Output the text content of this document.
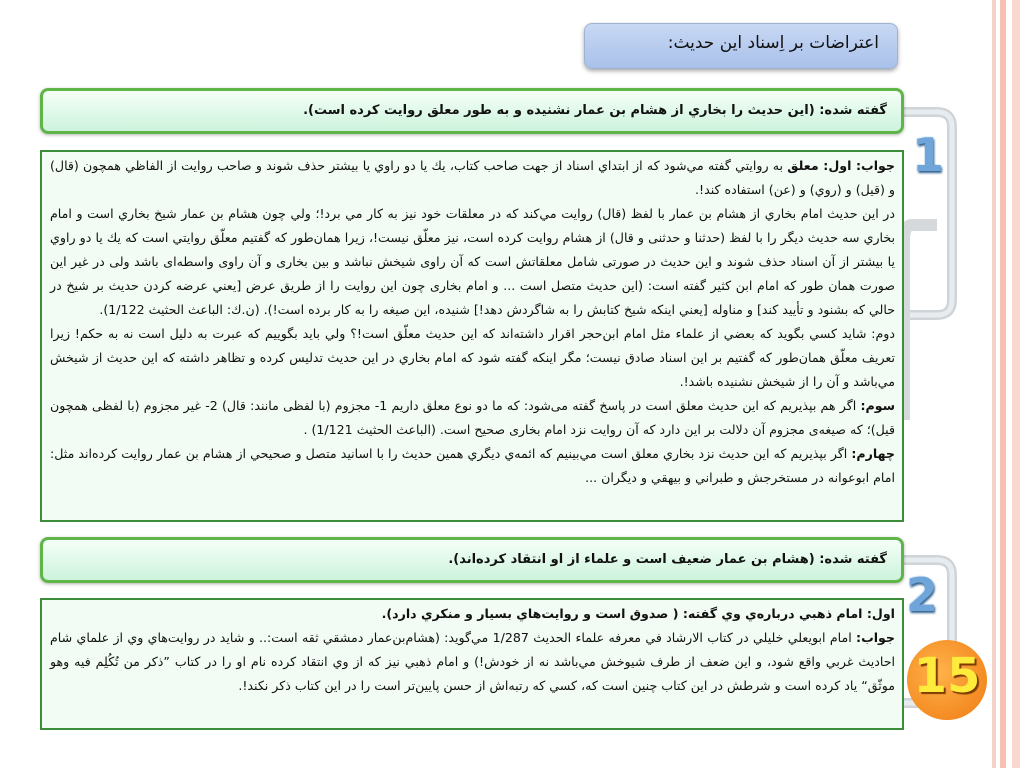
اعتراضات بر اِسناد اين حديث:
1
2
گفته شده: (اين حديث را بخاري از هشام بن عمار نشنيده و به طور معلق روايت كرده است).

جواب: اول: معلق به روايتي گفته مي‌شود كه از ابتداي اسناد از جهت صاحب كتاب، يك يا دو راوي يا بيشتر حذف شوند و صاحب روايت از الفاظي همچون (قال) و (قيل) و (روي) و (عن) استفاده كند!.

در اين حديث امام بخاري از هشام بن عمار با لفظ (قال) روايت مي‌كند كه در معلقات خود نيز به كار مي برد!؛ ولي چون هشام بن عمار شيخ بخاري است و امام بخاري سه حديث ديگر را با لفظ (حدثنا و حدثنی و قال) از هشام روايت كرده است، نيز معلّق نيست!، زيرا همان‌طور كه گفتيم معلّق روايتي است كه يك يا دو راوي يا بيشتر از آن اسناد حذف شوند و اين حديث در صورتی شامل معلقاتش است كه آن راوی شيخش نباشد و بين بخاری و آن راوی واسطه‌ای باشد ولی در غير اين صورت همان طور كه امام ابن كثير گفته است: (اين حديث متصل است ... و امام بخاری چون اين روايت را از طريق عرض [يعني عرضه كردن حديث بر شيخ در حالي كه بشنود و تأييد كند] و مناوله [يعني اينكه شيخ كتابش را به شاگردش دهد!] شنيده، اين صيغه را به كار برده است!). (ن.ك: الباعث الحثيث 1/122).

دوم: شايد كسي بگويد كه بعضي از علماء مثل امام ابن‌حجر اقرار داشته‌اند كه اين حديث معلّق است!؟ ولي بايد بگوييم كه عبرت به دليل است نه به حكم! زيرا تعريف معلّق همان‌طور كه گفتيم بر اين اسناد صادق نيست؛ مگر اينكه گفته شود كه امام بخاري در اين حديث تدليس كرده و تظاهر داشته كه اين حديث از شيخش مي‌باشد و آن را از شيخش نشنيده باشد!.

سوم: اگر هم بپذيريم كه اين حديث معلق است در پاسخ گفته می‌شود: كه ما دو نوع معلق داريم 1- مجزوم (با لفظی مانند: قال) 2- غير مجزوم (با لفظی همچون قيل)؛ كه صيغه‌ی مجزوم آن دلالت بر اين دارد كه آن روايت نزد امام بخاری صحيح است. (الباعث الحثيث 1/121) .

چهارم: اگر بپذيريم كه اين حديث نزد بخاري معلق است مي‌بينيم كه ائمه‌ي ديگري همين حديث را با اسانيد متصل و صحيحي از هشام بن عمار روايت كرده‌اند مثل: امام ابوعوانه در مستخرجش و طبراني و بيهقي و ديگران ...

گفته شده: (هشام بن عمار ضعيف است و علماء از او انتقاد كرده‌اند).

اول: امام ذهبي درباره‌ي وي گفته: ( صدوق است و روايت‌هاي بسيار و منكري دارد).

جواب: امام ابويعلي خليلي در كتاب الارشاد في معرفه علماء الحديث 1/287 مي‌گويد: (هشام‌بن‌عمار دمشقي ثقه است:.. و شايد در روايت‌هاي وي از علماي شام احاديث غربي واقع شود، و اين ضعف از طرف شيوخش مي‌باشد نه از خودش!) و امام ذهبي نيز كه از وي انتقاد كرده نام او را در كتاب ”ذكر من تُكُلِم فيه وهو موثّق“ ياد كرده است و شرطش در اين كتاب چنين است كه، كسي كه رتبه‌اش از حسن پايين‌تر است را در اين كتاب ذكر نكند!. 15
